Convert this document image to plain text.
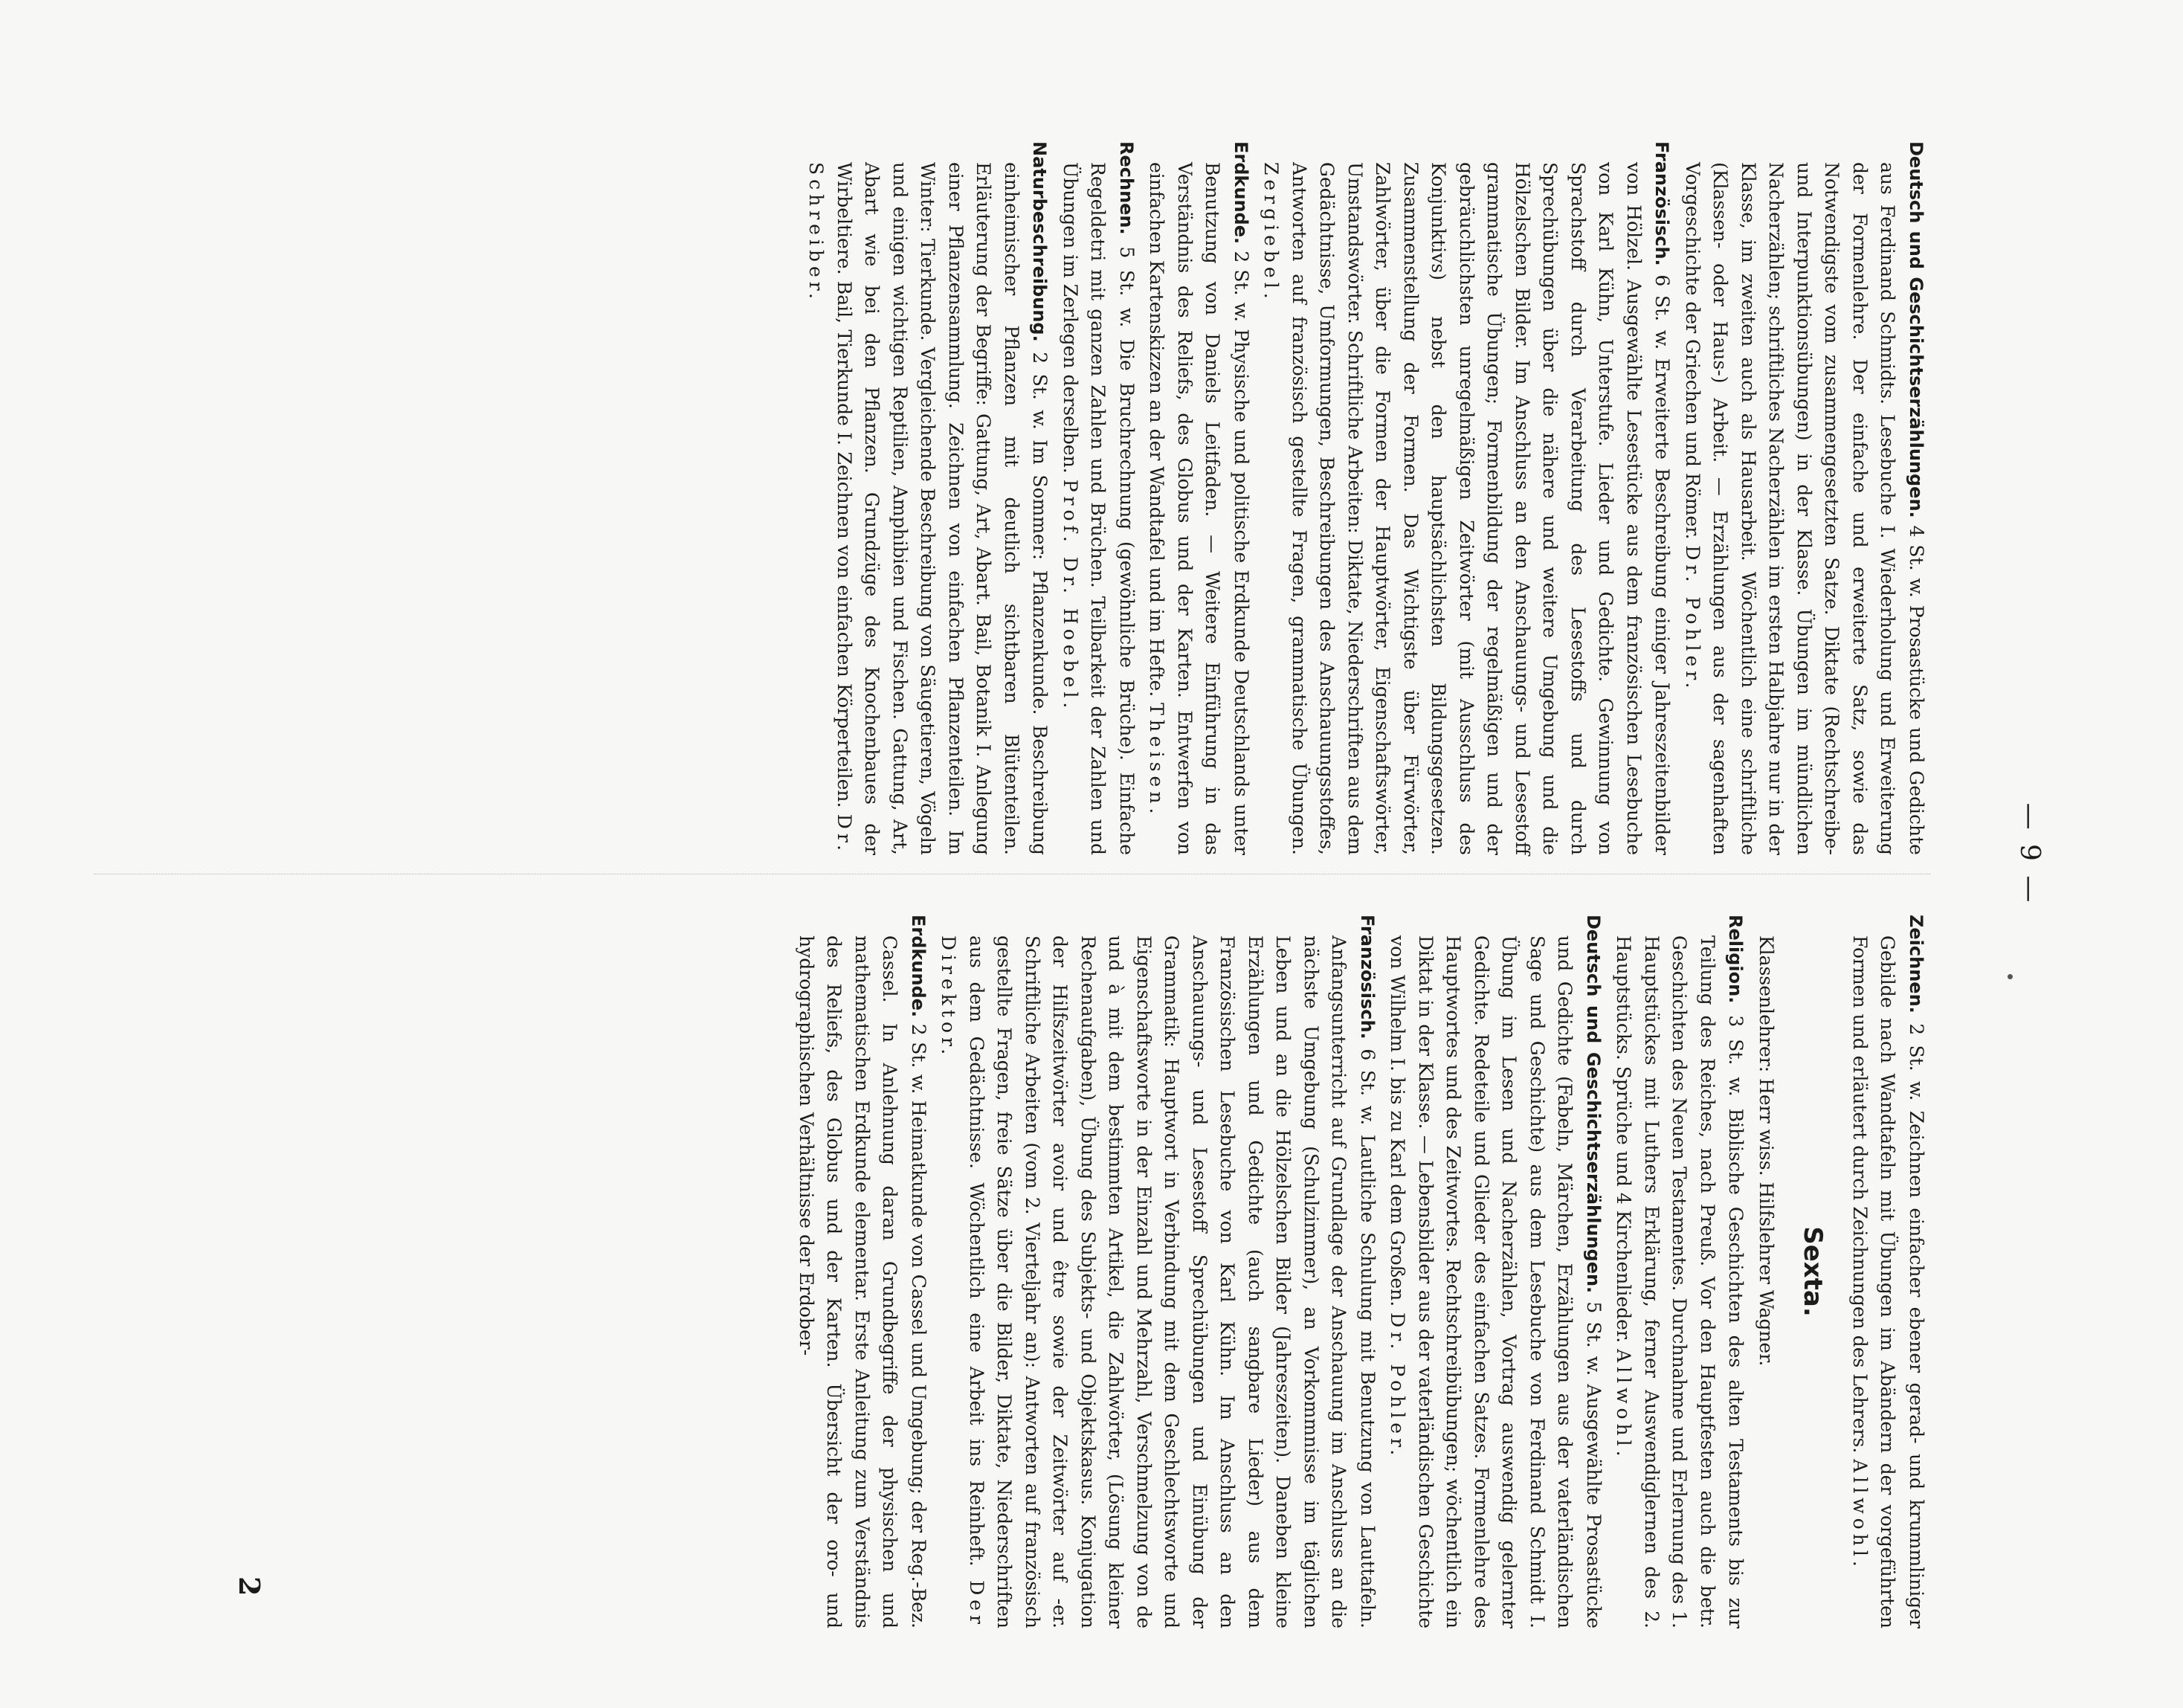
— 9 —

Deutsch und Geschichtserzählungen. 4 St. w. Prosastücke und Gedichte aus Ferdinand Schmidts. Lesebuche I. Wiederholung und Erweiterung der Formenlehre. Der einfache und erweiterte Satz, sowie das Notwendigste vom zusammengesetzten Satze. Diktate (Rechtschreibe- und Interpunktionsübungen) in der Klasse. Übungen im mündlichen Nacherzählen; schriftliches Nacherzählen im ersten Halbjahre nur in der Klasse, im zweiten auch als Hausarbeit. Wöchentlich eine schriftliche (Klassen- oder Haus-) Arbeit. — Erzählungen aus der sagenhaften Vorgeschichte der Griechen und Römer. Dr. Pohler.

Französisch. 6 St. w. Erweiterte Beschreibung einiger Jahreszeitenbilder von Hölzel. Ausgewählte Lesestücke aus dem französischen Lesebuche von Karl Kühn, Unterstufe. Lieder und Gedichte. Gewinnung von Sprachstoff durch Verarbeitung des Lesestoffs und durch Sprechübungen über die nähere und weitere Umgebung und die Hölzelschen Bilder. Im Anschluss an den Anschauungs- und Lesestoff grammatische Übungen; Formenbildung der regelmäßigen und der gebräuchlichsten unregelmäßigen Zeitwörter (mit Ausschluss des Konjunktivs) nebst den hauptsächlichsten Bildungsgesetzen. Zusammenstellung der Formen. Das Wichtigste über Fürwörter, Zahlwörter, über die Formen der Hauptwörter, Eigenschaftswörter, Umstandswörter. Schriftliche Arbeiten: Diktate, Niederschriften aus dem Gedächtnisse, Umformungen, Beschreibungen des Anschauungsstoffes, Antworten auf französisch gestellte Fragen, grammatische Übungen. Zergiebel.

Erdkunde. 2 St. w. Physische und politische Erdkunde Deutschlands unter Benutzung von Daniels Leitfaden. — Weitere Einführung in das Verständnis des Reliefs, des Globus und der Karten. Entwerfen von einfachen Kartenskizzen an der Wandtafel und im Hefte. Theisen.

Rechnen. 5 St. w. Die Bruchrechnung (gewöhnliche Brüche). Einfache Regeldetri mit ganzen Zahlen und Brüchen. Teilbarkeit der Zahlen und Übungen im Zerlegen derselben. Prof. Dr. Hoebel.

Naturbeschreibung. 2 St. w. Im Sommer: Pflanzenkunde. Beschreibung einheimischer Pflanzen mit deutlich sichtbaren Blütenteilen. Erläuterung der Begriffe: Gattung, Art, Abart. Bail, Botanik I. Anlegung einer Pflanzensammlung. Zeichnen von einfachen Pflanzenteilen. Im Winter: Tierkunde. Vergleichende Beschreibung von Säugetieren, Vögeln und einigen wichtigen Reptilien, Amphibien und Fischen. Gattung, Art, Abart wie bei den Pflanzen. Grundzüge des Knochenbaues der Wirbeltiere. Bail, Tierkunde I. Zeichnen von einfachen Körperteilen. Dr. Schreiber.

Zeichnen. 2 St. w. Zeichnen einfacher ebener gerad- und krummliniger Gebilde nach Wandtafeln mit Übungen im Abändern der vorgeführten Formen und erläutert durch Zeichnungen des Lehrers. Allwohl.

Sexta.

Klassenlehrer: Herr wiss. Hilfslehrer Wagner.

Religion. 3 St. w. Biblische Geschichten des alten Testaments bis zur Teilung des Reiches, nach Preuß. Vor den Hauptfesten auch die betr. Geschichten des Neuen Testamentes. Durchnahme und Erlernung des 1. Hauptstückes mit Luthers Erklärung, ferner Auswendiglernen des 2. Hauptstücks. Sprüche und 4 Kirchenlieder. Allwohl.

Deutsch und Geschichtserzählungen. 5 St. w. Ausgewählte Prosastücke und Gedichte (Fabeln, Märchen, Erzählungen aus der vaterländischen Sage und Geschichte) aus dem Lesebuche von Ferdinand Schmidt I. Übung im Lesen und Nacherzählen, Vortrag auswendig gelernter Gedichte. Redeteile und Glieder des einfachen Satzes. Formenlehre des Hauptwortes und des Zeitwortes. Rechtschreibübungen; wöchentlich ein Diktat in der Klasse. — Lebensbilder aus der vaterländischen Geschichte von Wilhelm I. bis zu Karl dem Großen. Dr. Pohler.

Französisch. 6 St. w. Lautliche Schulung mit Benutzung von Lauttafeln. Anfangsunterricht auf Grundlage der Anschauung im Anschluss an die nächste Umgebung (Schulzimmer), an Vorkommnisse im täglichen Leben und an die Hölzelschen Bilder (Jahreszeiten). Daneben kleine Erzählungen und Gedichte (auch sangbare Lieder) aus dem Französischen Lesebuche von Karl Kühn. Im Anschluss an den Anschauungs- und Lesestoff Sprechübungen und Einübung der Grammatik: Hauptwort in Verbindung mit dem Geschlechtsworte und Eigenschaftsworte in der Einzahl und Mehrzahl, Verschmelzung von de und à mit dem bestimmten Artikel, die Zahlwörter, (Lösung kleiner Rechenaufgaben), Übung des Subjekts- und Objektskasus. Konjugation der Hilfszeitwörter avoir und être sowie der Zeitwörter auf -er. Schriftliche Arbeiten (vom 2. Vierteljahr an): Antworten auf französisch gestellte Fragen, freie Sätze über die Bilder, Diktate, Niederschriften aus dem Gedächtnisse. Wöchentlich eine Arbeit ins Reinheft. Der Direktor.

Erdkunde. 2 St. w. Heimatkunde von Cassel und Umgebung; der Reg.-Bez. Cassel. In Anlehnung daran Grundbegriffe der physischen und mathematischen Erdkunde elementar. Erste Anleitung zum Verständnis des Reliefs, des Globus und der Karten. Übersicht der oro- und hydrographischen Verhältnisse der Erdober-

2
